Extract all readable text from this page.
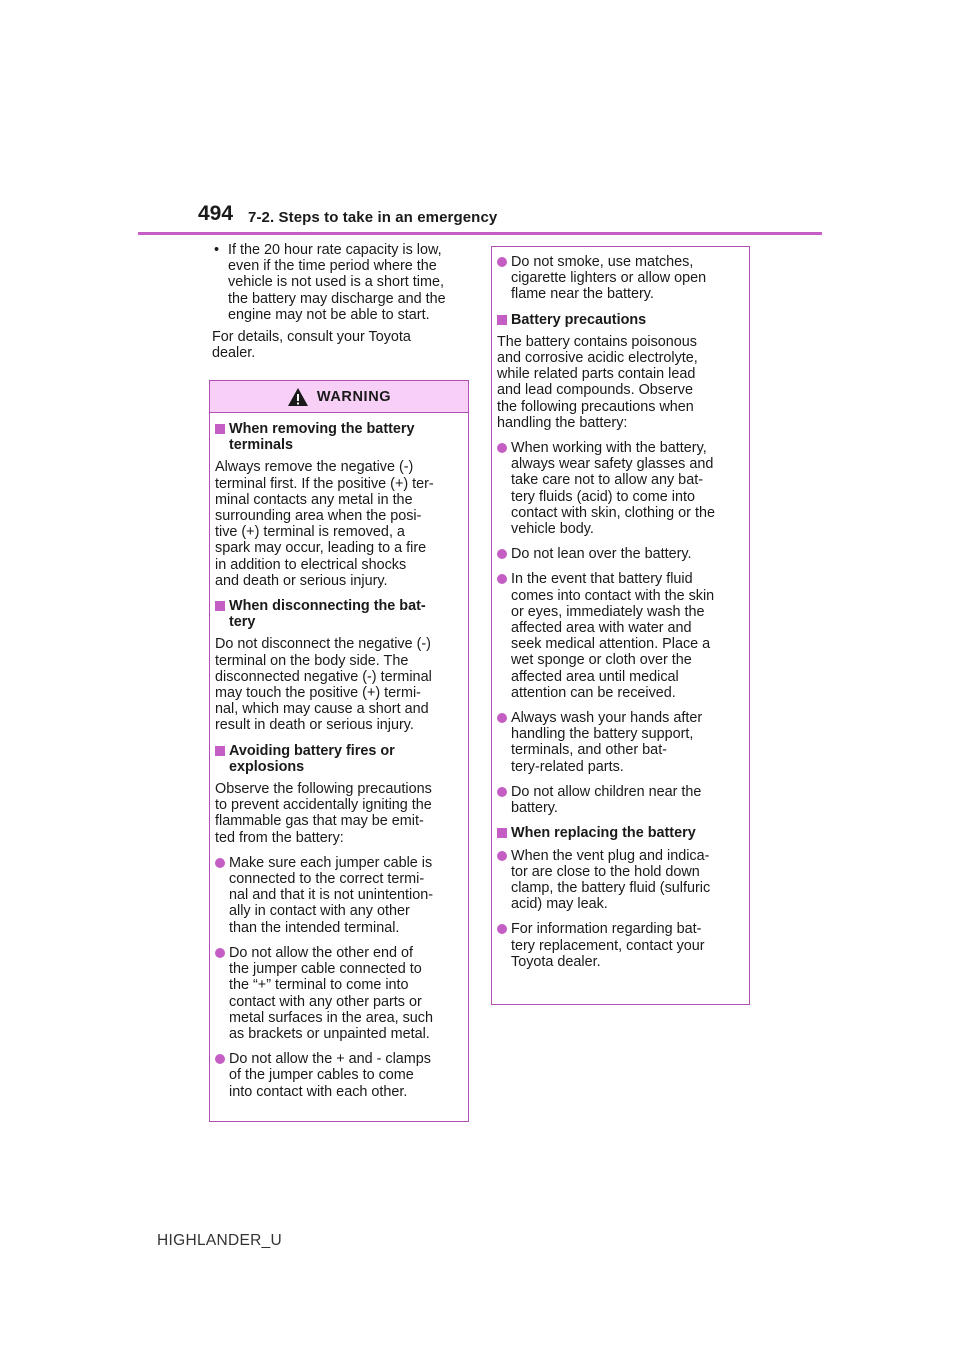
494 7-2. Steps to take in an emergency
• If the 20 hour rate capacity is low,
even if the time period where the
vehicle is not used is a short time,
the battery may discharge and the
engine may not be able to start.
For details, consult your Toyota
dealer.
WARNING
When removing the battery
terminals
Always remove the negative (-)
terminal first. If the positive (+) ter-
minal contacts any metal in the
surrounding area when the posi-
tive (+) terminal is removed, a
spark may occur, leading to a fire
in addition to electrical shocks
and death or serious injury.
When disconnecting the bat-
tery
Do not disconnect the negative (-)
terminal on the body side. The
disconnected negative (-) terminal
may touch the positive (+) termi-
nal, which may cause a short and
result in death or serious injury.
Avoiding battery fires or
explosions
Observe the following precautions
to prevent accidentally igniting the
flammable gas that may be emit-
ted from the battery:
Make sure each jumper cable is
connected to the correct termi-
nal and that it is not unintention-
ally in contact with any other
than the intended terminal.
Do not allow the other end of
the jumper cable connected to
the “+” terminal to come into
contact with any other parts or
metal surfaces in the area, such
as brackets or unpainted metal.
Do not allow the + and - clamps
of the jumper cables to come
into contact with each other.
Do not smoke, use matches,
cigarette lighters or allow open
flame near the battery.
Battery precautions
The battery contains poisonous
and corrosive acidic electrolyte,
while related parts contain lead
and lead compounds. Observe
the following precautions when
handling the battery:
When working with the battery,
always wear safety glasses and
take care not to allow any bat-
tery fluids (acid) to come into
contact with skin, clothing or the
vehicle body.
Do not lean over the battery.
In the event that battery fluid
comes into contact with the skin
or eyes, immediately wash the
affected area with water and
seek medical attention. Place a
wet sponge or cloth over the
affected area until medical
attention can be received.
Always wash your hands after
handling the battery support,
terminals, and other bat-
tery-related parts.
Do not allow children near the
battery.
When replacing the battery
When the vent plug and indica-
tor are close to the hold down
clamp, the battery fluid (sulfuric
acid) may leak.
For information regarding bat-
tery replacement, contact your
Toyota dealer.
HIGHLANDER_U
